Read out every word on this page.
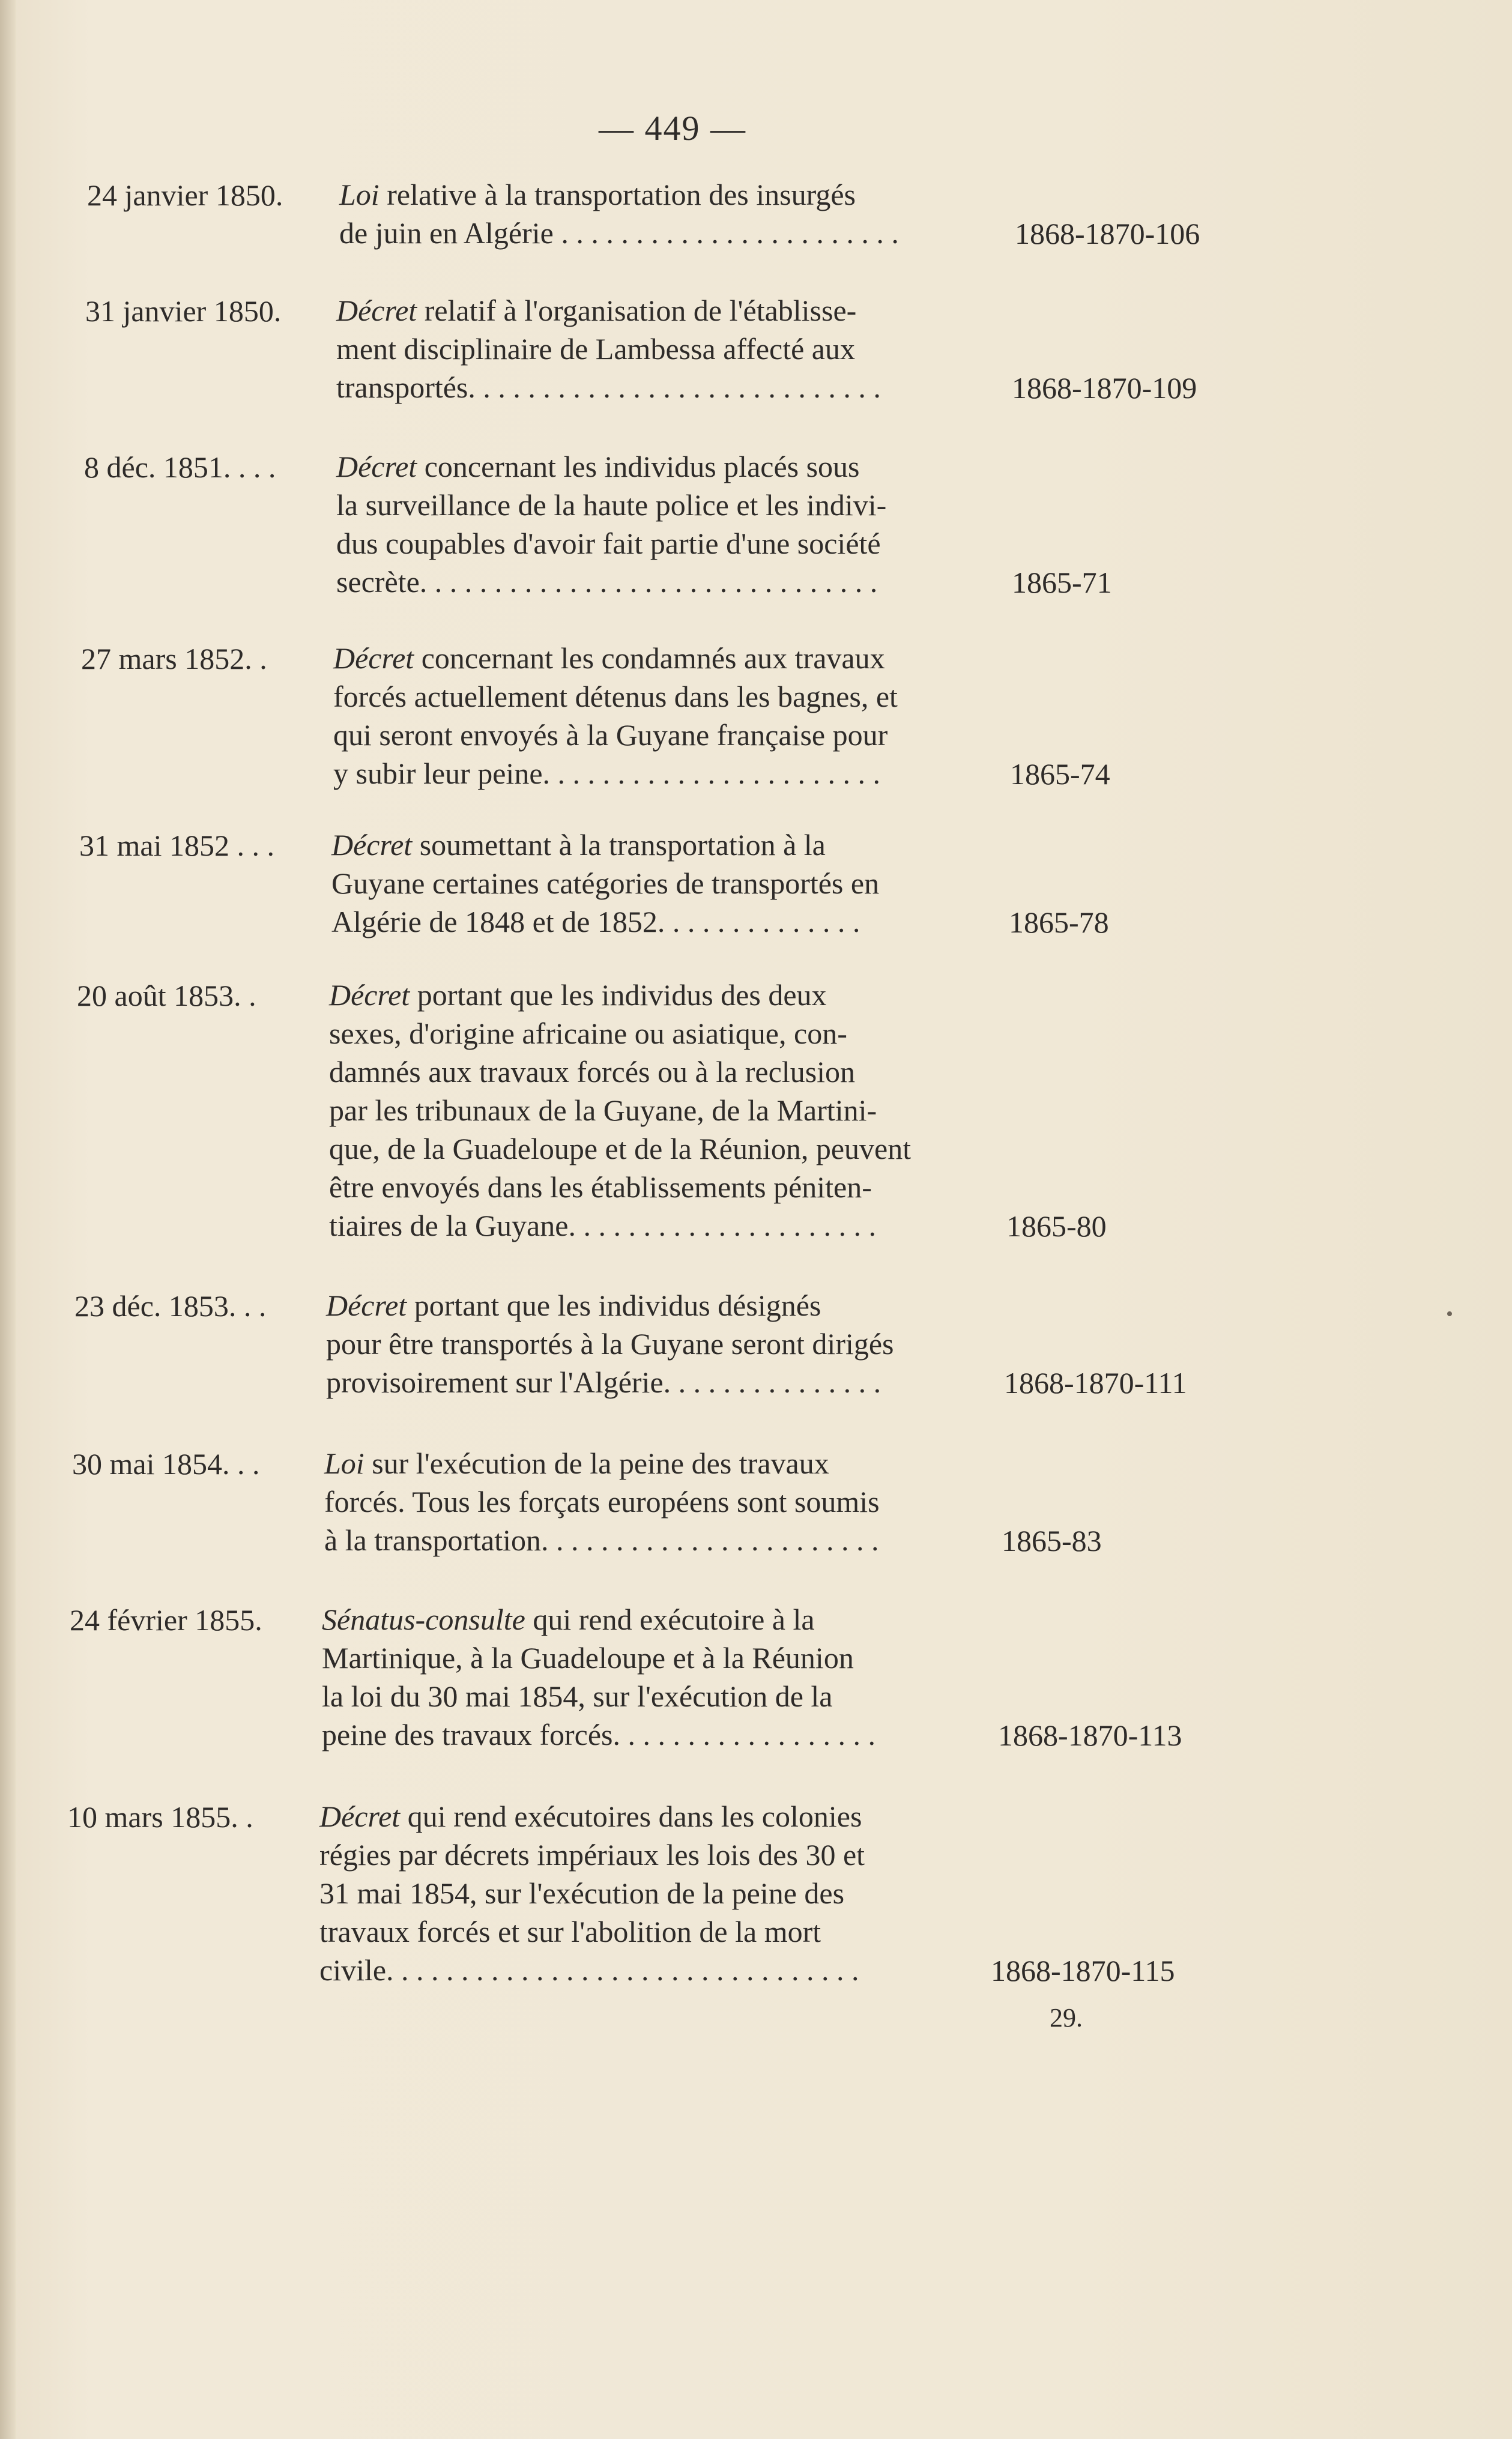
— 449 —
24 janvier 1850. Loi relative à la transportation des insurgés
de juin en Algérie . . . . . . . . . . . . . . . . . . . . . . .	1868-1870-106
31 janvier 1850. Décret relatif à l'organisation de l'établisse-
ment disciplinaire de Lambessa affecté aux
transportés. . . . . . . . . . . . . . . . . . . . . . . . . . . .	1868-1870-109
8 déc. 1851. . . . Décret concernant les individus placés sous
la surveillance de la haute police et les indivi-
dus coupables d'avoir fait partie d'une société
secrète. . . . . . . . . . . . . . . . . . . . . . . . . . . . . . .	1865-71
27 mars 1852. . Décret concernant les condamnés aux travaux
forcés actuellement détenus dans les bagnes, et
qui seront envoyés à la Guyane française pour
y subir leur peine. . . . . . . . . . . . . . . . . . . . . . .	1865-74
31 mai 1852 . . . Décret soumettant à la transportation à la
Guyane certaines catégories de transportés en
Algérie de 1848 et de 1852. . . . . . . . . . . . . .	1865-78
20 août 1853. . Décret portant que les individus des deux
sexes, d'origine africaine ou asiatique, con-
damnés aux travaux forcés ou à la reclusion
par les tribunaux de la Guyane, de la Martini-
que, de la Guadeloupe et de la Réunion, peuvent
être envoyés dans les établissements péniten-
tiaires de la Guyane. . . . . . . . . . . . . . . . . . . . .	1865-80
23 déc. 1853. . . Décret portant que les individus désignés
pour être transportés à la Guyane seront dirigés
provisoirement sur l'Algérie. . . . . . . . . . . . . . .	1868-1870-111
30 mai 1854. . . Loi sur l'exécution de la peine des travaux
forcés. Tous les forçats européens sont soumis
à la transportation. . . . . . . . . . . . . . . . . . . . . . .	1865-83
24 février 1855. Sénatus-consulte qui rend exécutoire à la
Martinique, à la Guadeloupe et à la Réunion
la loi du 30 mai 1854, sur l'exécution de la
peine des travaux forcés. . . . . . . . . . . . . . . . . .	1868-1870-113
10 mars 1855. . Décret qui rend exécutoires dans les colonies
régies par décrets impériaux les lois des 30 et
31 mai 1854, sur l'exécution de la peine des
travaux forcés et sur l'abolition de la mort
civile. . . . . . . . . . . . . . . . . . . . . . . . . . . . . . . .	1868-1870-115
29.
